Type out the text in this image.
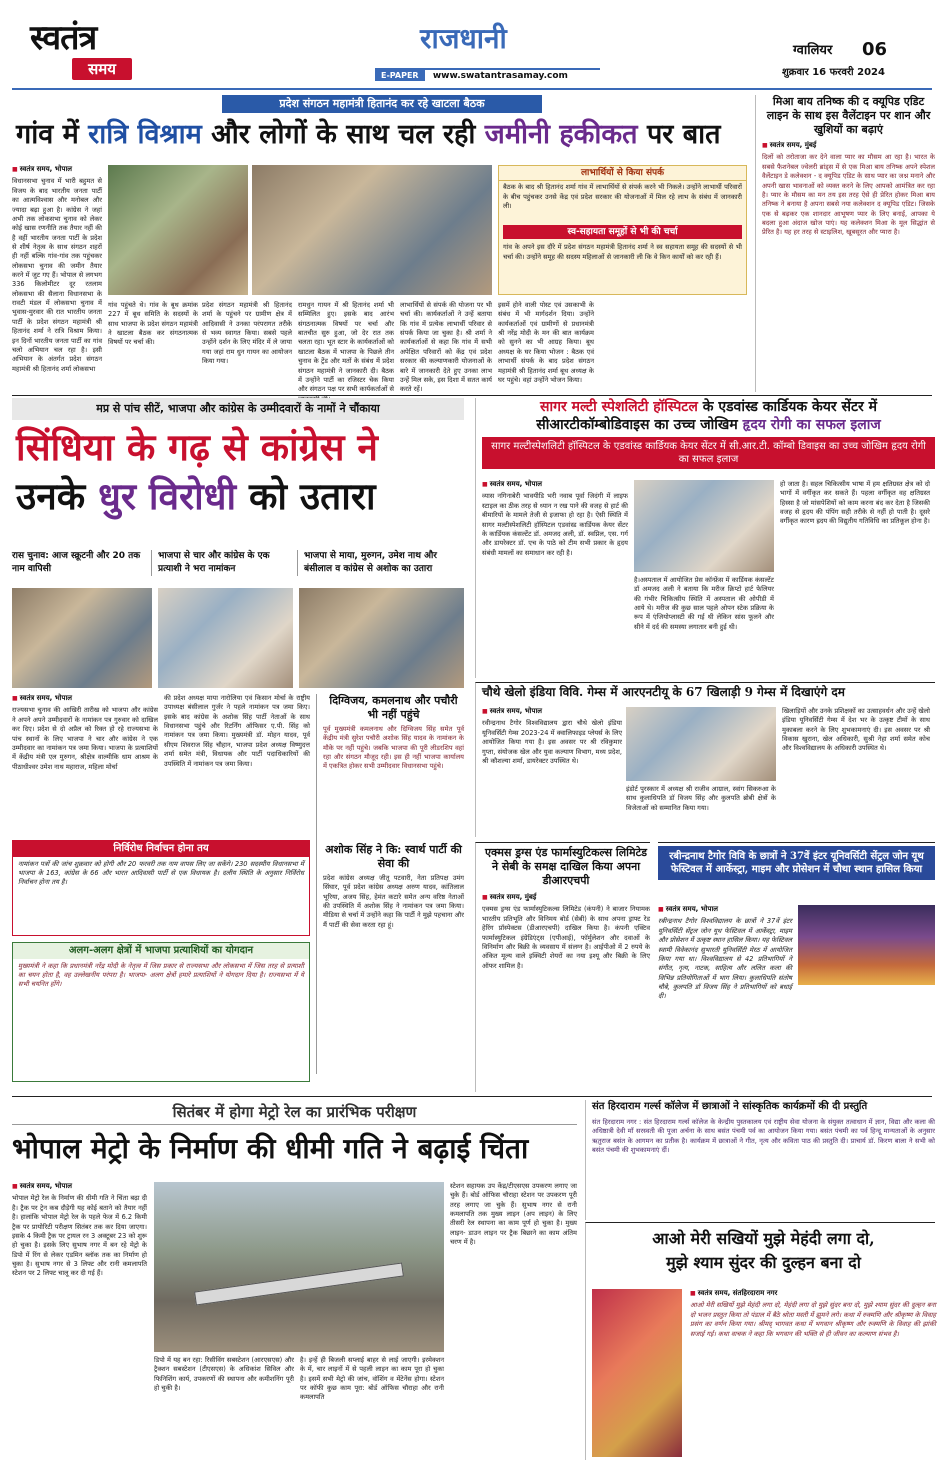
स्वतंत्र
समय
राजधानी
E-PAPER www.swatantrasamay.com
ग्वालियर 06
शुक्रवार 16 फरवरी 2024
प्रदेश संगठन महामंत्री हितानंद कर रहे खाटला बैठक
गांव में रात्रि विश्राम और लोगों के साथ चल रही जमीनी हकीकत पर बात
■ स्वतंत्र समय, भोपाल
विधानसभा चुनाव में भारी बहुमत से विजय के बाद भारतीय जनता पार्टी का आत्मविश्वास और मनोबल और ज्यादा बढ़ा हुआ है। कांग्रेस ने जहां अभी तक लोकसभा चुनाव को लेकर कोई खास रणनीति तक तैयार नहीं की है वहीं भारतीय जनता पार्टी के प्रदेश से शीर्ष नेतृत्व के साथ संगठन शहरों ही नहीं बल्कि गांव-गांव तक पहुंचकर लोकसभा चुनाव की जमीन तैयार करने में जुट गए हैं। भोपाल से लगभग 336 किलोमीटर दूर रतलाम लोकसभा की सैलाना विधानसभा के रावटी मंडल में लोकसभा चुनाव में भुवास-मुरवार की रात भारतीय जनता पार्टी के प्रदेश संगठन महामंत्री श्री हितानंद शर्मा ने रात्रि विश्राम किया। इन दिनों भारतीय जनता पार्टी का गांव चलो अभियान चल रहा है। इसी अभियान के अंतर्गत प्रदेश संगठन महामंत्री श्री हितानंद शर्मा लोकसभा
गांव पहुंचते थे। गांव के बूथ क्रमांक 227 में बूथ समिति के सदस्यों के साथ भाजपा के प्रदेश संगठन महामंत्री ने खाटला बैठक कर संगठनात्मक विषयों पर चर्चा की।
प्रदेश संगठन महामंत्री श्री हितानंद शर्मा के पहुंचने पर ग्रामीण क्षेत्र में आदिवासी ने उनका परंपरागत तरीके से भव्य स्वागत किया। सबसे पहले उन्होंने दर्शन के लिए मंदिर में ले जाया गया जहां राम धुन गायन का आयोजन किया गया।
रामधुन गायन में श्री हितानंद शर्मा भी सम्मिलित हुए। इसके बाद आरंभ संगठनात्मक विषयों पर चर्चा और बातचीत सुरु हुआ, जो देर रात तक चलता रहा। भूत स्टार के कार्यकर्ताओं को खाटला बैठक में भाजपा के पिछले तीन चुनाव के ट्रेंड और मतों के संबंध में प्रदेश संगठन महामंत्री ने जानकारी दी। बैठक में उन्होंने पार्टी का रजिस्टर चेक किया और संगठन पक्ष पर सभी कार्यकर्ताओं से
लाभार्थियों से संपर्क की योजना पर भी चर्चा की। कार्यकर्ताओं ने उन्हें बताया कि गांव में प्रत्येक लाभार्थी परिवार से संपर्क किया जा चुका है। श्री शर्मा ने कार्यकर्ताओं से कहा कि गांव में सभी अपेक्षित परिवारों को केंद्र एवं प्रदेश सरकार की कल्याणकारी योजनाओं के बारे में जानकारी देते हुए उनका लाभ उन्हें मिल सके, इस दिशा में सतत कार्य करते रहें।
इसमें होने वाली पोस्ट एवं उसकाभी के संबंध में भी मार्गदर्शन दिया। उन्होंने कार्यकर्ताओं एवं ग्रामीणों से प्रधानमंत्री श्री नरेंद्र मोदी के मन की बात कार्यक्रम को सुनने का भी आग्रह किया। बूथ अध्यक्ष के घर किया भोजन : बैठक एवं लाभार्थी संपर्क के बाद प्रदेश संगठन महामंत्री श्री हितानंद शर्मा बूथ अध्यक्ष के घर पहुंचे। वहां उन्होंने भोजन किया।
लाभार्थियों से किया संपर्क
बैठक के बाद श्री हितानंद शर्मा गांव में लाभार्थियों से संपर्क करने भी निकले। उन्होंने लाभार्थी परिवारों के बीच पहुंचकर उनसे केंद्र एवं प्रदेश सरकार की योजनाओं में मिल रहे लाभ के संबंध में जानकारी ली।
स्व-सहायता समूहों से भी की चर्चा
गांव के अपने इस दौरे में प्रदेश संगठन महामंत्री हितानंद शर्मा ने स्व सहायता समूह की सदस्यों से भी चर्चा की। उन्होंने समूह की सदस्य महिलाओं से जानकारी ली कि वे किन कार्यों को कर रही हैं।
मिआ बाय तनिष्क की द क्यूपिड एडिट लाइन के साथ इस वैलेंटाइन पर शान और खुशियों का बढ़ाएं
■ स्वतंत्र समय, मुंबई
दिलों को तरोताजा कर देने वाला प्यार का मौसम आ रहा है। भारत के सबसे फैशनेबल ज्वेलरी ब्रांड्स में से एक मिआ बाय तनिष्क अपने स्पेशल वैलेंटाइन डे कलेक्शन - द क्यूपिड एडिट के साथ प्यार का जश्न मनाने और अपनी खास भावनाओं को व्यक्त करने के लिए आपको आमंत्रित कर रहा है। प्यार के मौसम का मन तय इस तरह ऐसे ही प्रेरित होकर मिआ बाय तनिष्क ने बनाया है अपना सबसे नया कलेक्शन द क्यूपिड एडिट। जिसके एक से बढ़कर एक शानदार आभूषण प्यार के लिए बनाई, आपका ये बदला हुआ अंदाज खोज पाएं। यह कलेक्शन मिआ के मूल सिद्धांत से प्रेरित है। यह हर तरह से स्टाइलिश, खूबसूरत और प्यारा है।
मप्र से पांच सीटें, भाजपा और कांग्रेस के उम्मीदवारों के नामों ने चौंकाया
सिंधिया के गढ़ से कांग्रेस ने
उनके धुर विरोधी को उतारा
रास चुनाव: आज स्क्रूटनी और 20 तक नाम वापिसी
भाजपा से चार और कांग्रेस के एक प्रत्याशी ने भरा नामांकन
भाजपा से माया, मुरुगन, उमेश नाथ और बंसीलाल व कांग्रेस से अशोक का उतारा
■ स्वतंत्र समय, भोपाल
राज्यसभा चुनाव की आखिरी तारीख को भाजपा और कांग्रेस ने अपने अपने उम्मीदवारों के नामांकन पत्र गुरुवार को दाखिल कर दिए। प्रदेश से दो अप्रैल को रिक्त हो रहे राज्यसभा के पांच स्थानों के लिए भाजपा ने चार और कांग्रेस ने एक उम्मीदवार का नामांकन पत्र जमा किया। भाजपा के प्रत्याशियों में केंद्रीय मंत्री एल मुरुगन, श्रीक्षेत्र वाल्मीकि धाम आश्रम के पीठाधीश्वर उमेश नाथ महाराज, महिला मोर्चा
की प्रदेश अध्यक्ष माया नारोलिया एवं किसान मोर्चा के राष्ट्रीय उपाध्यक्ष बंसीलाल गुर्जर ने पहले नामांकन पत्र जमा किए। इसके बाद कांग्रेस के अशोक सिंह पार्टी नेताओं के साथ विधानसभा पहुंचे और रिटर्निंग ऑफिसर ए.पी. सिंह को नामांकन पत्र जमा किया। मुख्यमंत्री डॉ. मोहन यादव, पूर्व सीएम शिवराज सिंह चौहान, भाजपा प्रदेश अध्यक्ष विष्णुदत्त शर्मा समेत मंत्री, विधायक और पार्टी पदाधिकारियों की उपस्थिति में नामांकन पत्र जमा किया।
दिग्विजय, कमलनाथ और पचौरी भी नहीं पहुंचे
पूर्व मुख्यमंत्री कमलनाथ और दिग्विजय सिंह समेत पूर्व केंद्रीय मंत्री सुरेश पचौरी अशोक सिंह यादव के नामांकन के मौके पर नहीं पहुंचे। जबकि भाजपा की पूरी लीडरशिप वहां रहा और संगठन मौजूद रही। इस ही नहीं भाजपा कार्यालय में एकत्रित होकर सभी उम्मीदवार विधानसभा पहुंचे।
अशोक सिंह ने कि: स्वार्थ पार्टी की सेवा की
प्रदेश कांग्रेस अध्यक्ष जीतू पटवारी, नेता प्रतिपक्ष उमंग सिंघार, पूर्व प्रदेश कांग्रेस अध्यक्ष अरुण यादव, कांतिलाल भूरिया, अजय सिंह, हेमंत कटारे समेत अन्य वरिष्ठ नेताओं की उपस्थिति में अशोक सिंह ने नामांकन पत्र जमा किया। मीडिया से चर्चा में उन्होंने कहा कि पार्टी ने मुझे पहचाना और मैं पार्टी की सेवा करता रहा हूं।
निर्विरोध निर्वाचन होना तय
नामांकन पत्रों की जांच शुक्रवार को होगी और 20 फरवरी तक नाम वापस लिए जा सकेंगे। 230 सदस्यीय विधानसभा में भाजपा के 163, कांग्रेस के 66 और भारत आदिवासी पार्टी से एक विधायक है। दलीय स्थिति के अनुसार निर्विरोध निर्वाचन होना तय है।
अलग-अलग क्षेत्रों में भाजपा प्रत्याशियों का योगदान
मुख्यमंत्री ने कहा कि प्रधानमंत्री नरेंद्र मोदी के नेतृत्व में जिस प्रकार से राज्यसभा और लोकसभा में जिस तरह से प्रत्याशी का चयन होता है, वह उल्लेखनीय परंपरा है। भाजपा- अलग क्षेत्रों हमारे प्रत्याशियों ने योगदान दिया है। राज्यसभा में ये सभी चयनित होंगे।
सागर मल्टी स्पेशलिटी हॉस्पिटल के एडवांस्ड कार्डियक केयर सेंटर में सीआरटीकॉम्बोडिवाइस का उच्च जोखिम हृदय रोगी का सफल इलाज
सागर मल्टीस्पेशलिटी हॉस्पिटल के एडवांस्ड कार्डियक केयर सेंटर में सी.आर.टी. कॉम्बो डिवाइस का उच्च जोखिम हृदय रोगी का सफल इलाज
■ स्वतंत्र समय, भोपाल
व्यास नगिनाबेरी भावयीडि भरी नवाब पूर्वा जिदंगी में लाइफ स्टाइल का ठीक तरह से ध्यान न रख पाने की वजह से हार्ट की बीमारियों के मामले तेजी से इजाफा हो रहा है। ऐसी स्थिति में सागर मल्टीस्पेशलिटी हॉस्पिटल एडवांस्ड कार्डियक केयर सेंटर के कार्डियक कंसल्टेंट डॉ. अमजद अली, डॉ. स्वप्निल, एस. गर्ग और डायरेक्टर डॉ. एच के पाठे को टीम सभी प्रकार के हृदय संबंधी मामलों का समाधान कर रही है।
है।अस्पताल में आयोजित प्रेस कॉन्फ्रेंस में कार्डियक कंसल्टेंट डॉ अमजद अली ने बताया कि मरीज क्रिप्टो हार्ट फेलियर की गंभीर चिकित्सीय स्थिति में अस्पताल की ओपीडी में आये थे। मरीज की कुछ साल पहले ओपन स्टेक प्रक्रिया के रूप में एंजियोप्लास्टी की गई थी लेकिन सांस फूलने और सीने में दर्द की समस्या लगातार बनी हुई थी।
हो जाता है। सहल चिकित्सीय भाषा में हम क्षतिग्रस्त क्षेत्र को दो भागों में वर्गीकृत कर सकते हैं। पहला वर्गीकृत वह क्षतिग्रस्त हिस्सा है जो मांसपेशियों को काम करना बंद कर देता है जिसकी वजह से हृदय की पंपिंग सही तरीके से नहीं हो पाती है। दूसरे वर्गीकृत कारण ह्रदय की विद्युतीय गतिविधि का प्रतिकूल होना है।
चौथे खेलो इंडिया विवि. गेम्स में आरएनटीयू के 67 खिलाड़ी 9 गेम्स में दिखाएंगे दम
■ स्वतंत्र समय, भोपाल
रवीन्द्रनाथ टैगोर विश्वविद्यालय द्वारा चौथे खेलो इंडिया यूनिवर्सिटी गेम्स 2023-24 में क्वालिफाइड प्लेयर्स के लिए आयोजित किया गया है। इस अवसर पर श्री रविकुमार गुप्ता, संयोजक खेल और युवा कल्याण विभाग, मध्य प्रदेश, श्री कौशल्या शर्मा, डायरेक्टर उपस्थित थे।
इंडोर्ट पुरस्कार में अध्यक्ष श्री राजीव आग्राल, स्वांग सिकरुआ के साथ कुलाधिपति डॉ विजय सिंह और कुलपति ब्रोबी क्षेत्रों के विजेताओं को सम्मानित किया गया।
खिलाड़ियों और उनके प्रशिक्षकों का उत्साहवर्धन और उन्हें खेलो इंडिया यूनिवर्सिटी गेम्स में देश भर के उत्कृष्ट टीमों के साथ मुकाबला करने के लिए शुभकामनाएं दी। इस अवसर पर श्री विकास खुराना, खेल अधिकारी, सुश्री नेहा शर्मा समेत कोच और विश्वविद्यालय के अधिकारी उपस्थित थे।
एक्मस ड्रग्स एंड फार्मास्युटिकल्स लिमिटेड ने सेबी के समक्ष दाखिल किया अपना डीआरएचपी
■ स्वतंत्र समय, मुंबई
एक्मस ड्रग्स एंड फार्मास्युटिकल्स लिमिटेड (कंपनी) ने बाजार नियामक भारतीय प्रतिभूति और विनिमय बोर्ड (सेबी) के साथ अपना ड्राफ्ट रेड हेरिंग प्रॉस्पेक्टस (डीआरएचपी) दाखिल किया है। कंपनी एक्टिव फार्मास्युटिकल इंग्रेडिएंट्स (एपीआई), फॉर्मुलेशन और दवाओं के विनिर्माण और बिक्री के व्यवसाय में संलग्न है। आईपीओ में 2 रुपये के अंकित मूल्य वाले इक्विटी शेयरों का नया इश्यू और बिक्री के लिए ऑफर शामिल है।
रबीन्द्रनाथ टैगोर विवि के छात्रों ने 37वें इंटर यूनिवर्सिटी सेंट्रल जोन यूथ फेस्टिवल में आर्केस्ट्रा, माइम और प्रोसेशन में चौथा स्थान हासिल किया
■ स्वतंत्र समय, भोपाल
रबीन्द्रनाथ टैगोर विश्वविद्यालय के छात्रों ने 37वें इंटर यूनिवर्सिटी सेंट्रल जोन यूथ फेस्टिवल में आर्केस्ट्रा, माइम और प्रोसेशन में उत्कृष्ट स्थान हासिल किया। यह फेस्टिवल स्वामी विवेकानंद सुभारती यूनिवर्सिटी मेरठ में आयोजित किया गया था। विश्वविद्यालय से 42 प्रतिभागियों ने संगीत, नृत्य, नाटक, साहित्य और ललित कला की विभिन्न प्रतियोगिताओं में भाग लिया। कुलाधिपति संतोष चौबे, कुलपति डॉ विजय सिंह ने प्रतिभागियों को बधाई दी।
सितंबर में होगा मेट्रो रेल का प्रारंभिक परीक्षण
भोपाल मेट्रो के निर्माण की धीमी गति ने बढ़ाई चिंता
■ स्वतंत्र समय, भोपाल
भोपाल मेट्रो रेल के निर्माण की धीमी गति ने चिंता बढ़ा दी है। ट्रैक पर ट्रेन कब दौड़ेगी यह कोई बताने को तैयार नहीं है। हालांकि भोपाल मेट्रो रेल के पहले फेज में 6.2 किमी ट्रैक पर प्रायोरिटी परीक्षण सितंबर तक कर दिया जाएगा। इसके 4 किमी ट्रैक पर ट्रायल रन 3 अक्टूबर 23 को शुरू हो चुका है। इसके लिए सुभाष नगर में बन रहे मेट्रो के डिपो में रिंग से लेकर एडमिन ब्लॉक तक का निर्माण हो चुका है। सुभाष नगर से 3 लिफ्ट और रानी कमलापति स्टेशन पर 2 लिफ्ट चालू कर दी गई हैं।
डिपो में यह बन रहा: रिसीविंग सबस्टेशन (आरएसएस) और ट्रैक्शन सबस्टेशन (टीएसएस) के अधिकांश सिविल और फिनिशिंग कार्य, उपकरणों की स्थापना और कमीशनिंग पूरी हो चुकी है।
है। इन्हें ही बिजली सप्लाई बाहर से लाई जाएगी। इरमेक्शन के में, चार लाइनों में से पहली लाइन का काम पूरा हो चुका है। इसमें सभी मेट्रो की जांच, वॉशिंग व मेंटेनेंस होगा। स्टेशन पर कॉफी कुछ काम पूरा: बोर्ड ऑफिस चौराहा और रानी कमलापति
स्टेशन सहायक उप केंद्र/टीएसएस उपकरण लगाए जा चुके हैं। बोर्ड ऑफिस चौराहा स्टेशन पर उपकरण पूरी तरह लगाए जा चुके हैं। सुभाष नगर से रानी कमलापति तक मुख्य लाइन (अप लाइन) के लिए तीसरी रेल स्थापना का काम पूर्ण हो चुका है। मुख्य लाइन- डाउन लाइन पर ट्रैक बिछाने का काम अंतिम चरण में है।
संत हिरदाराम गर्ल्स कॉलेज में छात्राओं ने सांस्कृतिक कार्यक्रमों की दी प्रस्तुति
संत हिरदाराम नगर : संत हिरदाराम गर्ल्स कॉलेज के केन्द्रीय पुस्तकालय एवं राष्ट्रीय सेवा योजना के संयुक्त तत्वाधान में ज्ञान, विद्या और कला की अधिष्ठात्री देवी माँ सरस्वती की पूजा अर्चना के साथ बसंत पंचमी पर्व का आयोजन किया गया। बसंत पंचमी का पर्व हिन्दू मान्यताओं के अनुसार ऋतुराज बसंत के आगमन का प्रतीक है। कार्यक्रम में छात्राओं ने गीत, नृत्य और कविता पाठ की प्रस्तुति दी। प्राचार्य डॉ. किरण बाला ने सभी को बसंत पंचमी की शुभकामनाएं दीं।
आओ मेरी सखियों मुझे मेहंदी लगा दो,
मुझे श्याम सुंदर की दुल्हन बना दो
■ स्वतंत्र समय, संतहिरदाराम नगर
आओ मेरी सखियों मुझे मेहंदी लगा दो, मेहंदी लगा दो मुझे सुंदर बना दो, मुझे श्याम सुंदर की दुल्हन बना दो भजन प्रस्तुत किया तो पंडाल में बैठे श्रोता मस्ती में झूमने लगे। कथा में रुक्मणि और श्रीकृष्ण के विवाह प्रसंग का वर्णन किया गया। श्रीमद् भागवत कथा में भगवान श्रीकृष्ण और रुक्मणि के विवाह की झांकी सजाई गई। कथा वाचक ने कहा कि भगवान की भक्ति से ही जीवन का कल्याण संभव है।
